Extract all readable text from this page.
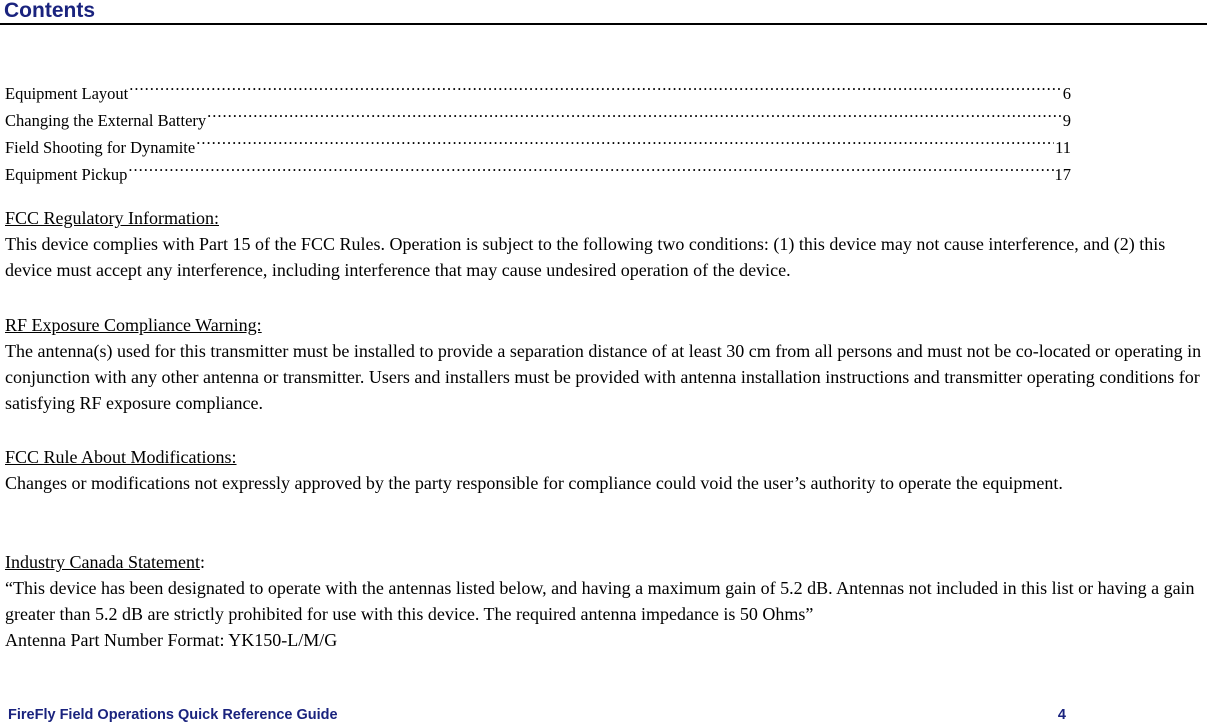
Contents
Equipment Layout .....	6
Changing the External Battery .....	9
Field Shooting for Dynamite .....	11
Equipment Pickup .....	17
FCC Regulatory Information:
This device complies with Part 15 of the FCC Rules. Operation is subject to the following two conditions: (1) this device may not cause interference, and (2) this device must accept any interference, including interference that may cause undesired operation of the device.
RF Exposure Compliance Warning:
The antenna(s) used for this transmitter must be installed to provide a separation distance of at least 30 cm from all persons and must not be co-located or operating in conjunction with any other antenna or transmitter. Users and installers must be provided with antenna installation instructions and transmitter operating conditions for satisfying RF exposure compliance.
FCC Rule About Modifications:
Changes or modifications not expressly approved by the party responsible for compliance could void the user’s authority to operate the equipment.
Industry Canada Statement:
“This device has been designated to operate with the antennas listed below, and having a maximum gain of 5.2 dB. Antennas not included in this list or having a gain greater than 5.2 dB are strictly prohibited for use with this device. The required antenna impedance is 50 Ohms”
Antenna Part Number Format: YK150-L/M/G
FireFly Field Operations Quick Reference Guide	4
